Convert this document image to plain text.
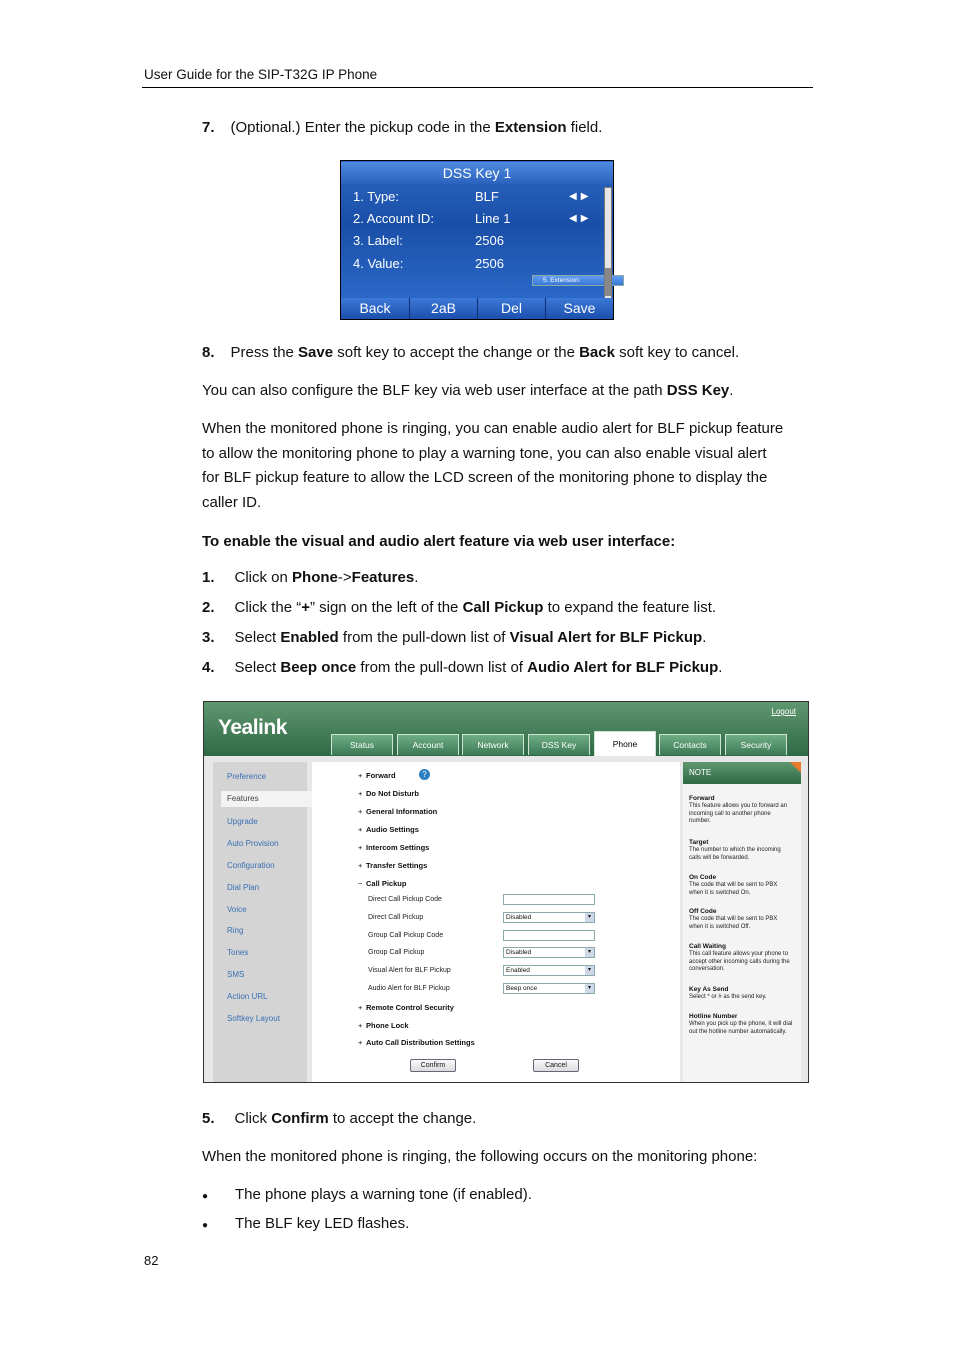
User Guide for the SIP-T32G IP Phone
7. (Optional.) Enter the pickup code in the Extension field.
DSS Key 1
1. Type:	BLF	◀▶
2. Account ID:	Line 1	◀▶
3. Label:	2506
4. Value:	2506
5. Extension:	*88
Back	2aB	Del	Save
8. Press the Save soft key to accept the change or the Back soft key to cancel.
You can also configure the BLF key via web user interface at the path DSS Key.
When the monitored phone is ringing, you can enable audio alert for BLF pickup feature
to allow the monitoring phone to play a warning tone, you can also enable visual alert
for BLF pickup feature to allow the LCD screen of the monitoring phone to display the
caller ID.
To enable the visual and audio alert feature via web user interface:
1. Click on Phone->Features.
2. Click the “+” sign on the left of the Call Pickup to expand the feature list.
3. Select Enabled from the pull-down list of Visual Alert for BLF Pickup.
4. Select Beep once from the pull-down list of Audio Alert for BLF Pickup.
Yealink
Logout
Status	Account	Network	DSS Key	Phone	Contacts	Security
Preference
Features
Upgrade
Auto Provision
Configuration
Dial Plan
Voice
Ring
Tones
SMS
Action URL
Softkey Layout
+ Forward	?
+ Do Not Disturb
+ General Information
+ Audio Settings
+ Intercom Settings
+ Transfer Settings
− Call Pickup
Direct Call Pickup Code
Direct Call Pickup	Disabled	▾
Group Call Pickup Code
Group Call Pickup	Disabled	▾
Visual Alert for BLF Pickup	Enabled	▾
Audio Alert for BLF Pickup	Beep once	▾
+ Remote Control Security
+ Phone Lock
+ Auto Call Distribution Settings
Confirm	Cancel
NOTE
Forward
This feature allows you to forward an incoming call to another phone number.
Target
The number to which the incoming calls will be forwarded.
On Code
The code that will be sent to PBX when it is switched On.
Off Code
The code that will be sent to PBX when it is switched Off.
Call Waiting
This call feature allows your phone to accept other incoming calls during the conversation.
Key As Send
Select * or # as the send key.
Hotline Number
When you pick up the phone, it will dial out the hotline number automatically.
5. Click Confirm to accept the change.
When the monitored phone is ringing, the following occurs on the monitoring phone:
● The phone plays a warning tone (if enabled).
● The BLF key LED flashes.
82
